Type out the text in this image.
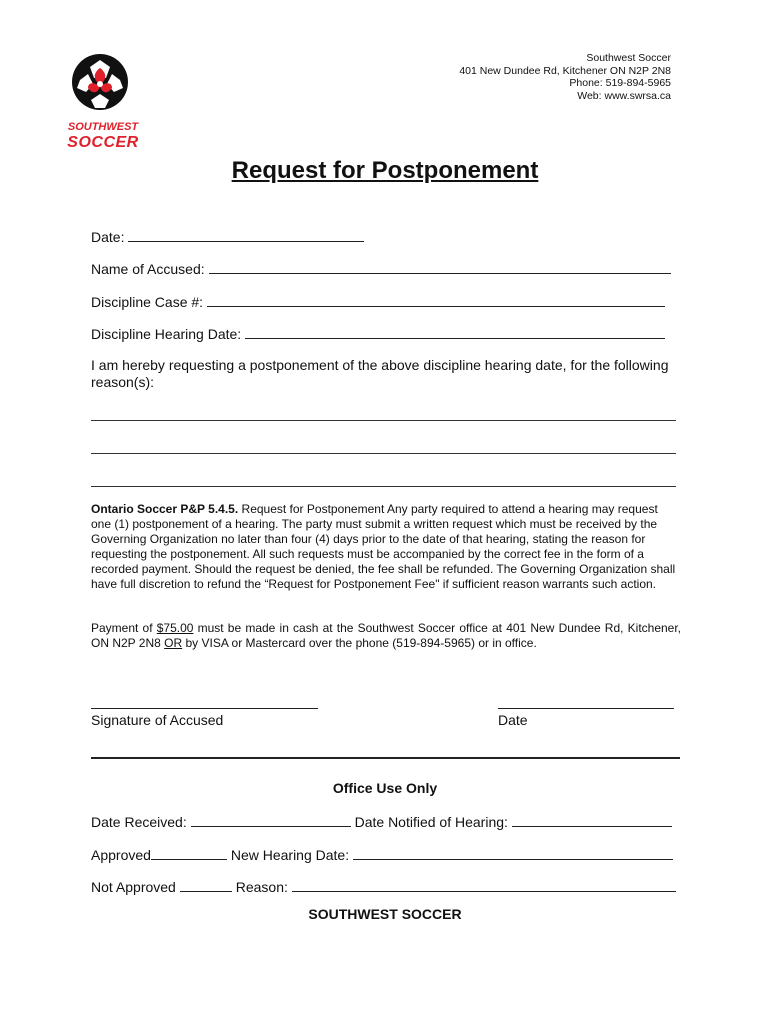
SOUTHWEST
SOCCER
Southwest Soccer
401 New Dundee Rd, Kitchener ON N2P 2N8
Phone: 519-894-5965
Web: www.swrsa.ca
Request for Postponement
Date:
Name of Accused:
Discipline Case #:
Discipline Hearing Date:
I am hereby requesting a postponement of the above discipline hearing date, for the following reason(s):
Ontario Soccer P&P 5.4.5. Request for Postponement Any party required to attend a hearing may request one (1) postponement of a hearing. The party must submit a written request which must be received by the Governing Organization no later than four (4) days prior to the date of that hearing, stating the reason for requesting the postponement. All such requests must be accompanied by the correct fee in the form of a recorded payment. Should the request be denied, the fee shall be refunded. The Governing Organization shall have full discretion to refund the “Request for Postponement Fee" if sufficient reason warrants such action.
Payment of $75.00 must be made in cash at the Southwest Soccer office at 401 New Dundee Rd, Kitchener, ON N2P 2N8 OR by VISA or Mastercard over the phone (519-894-5965) or in office.
Signature of Accused	Date
Office Use Only
Date Received:	Date Notified of Hearing:
Approved	New Hearing Date:
Not Approved	Reason:
SOUTHWEST SOCCER
